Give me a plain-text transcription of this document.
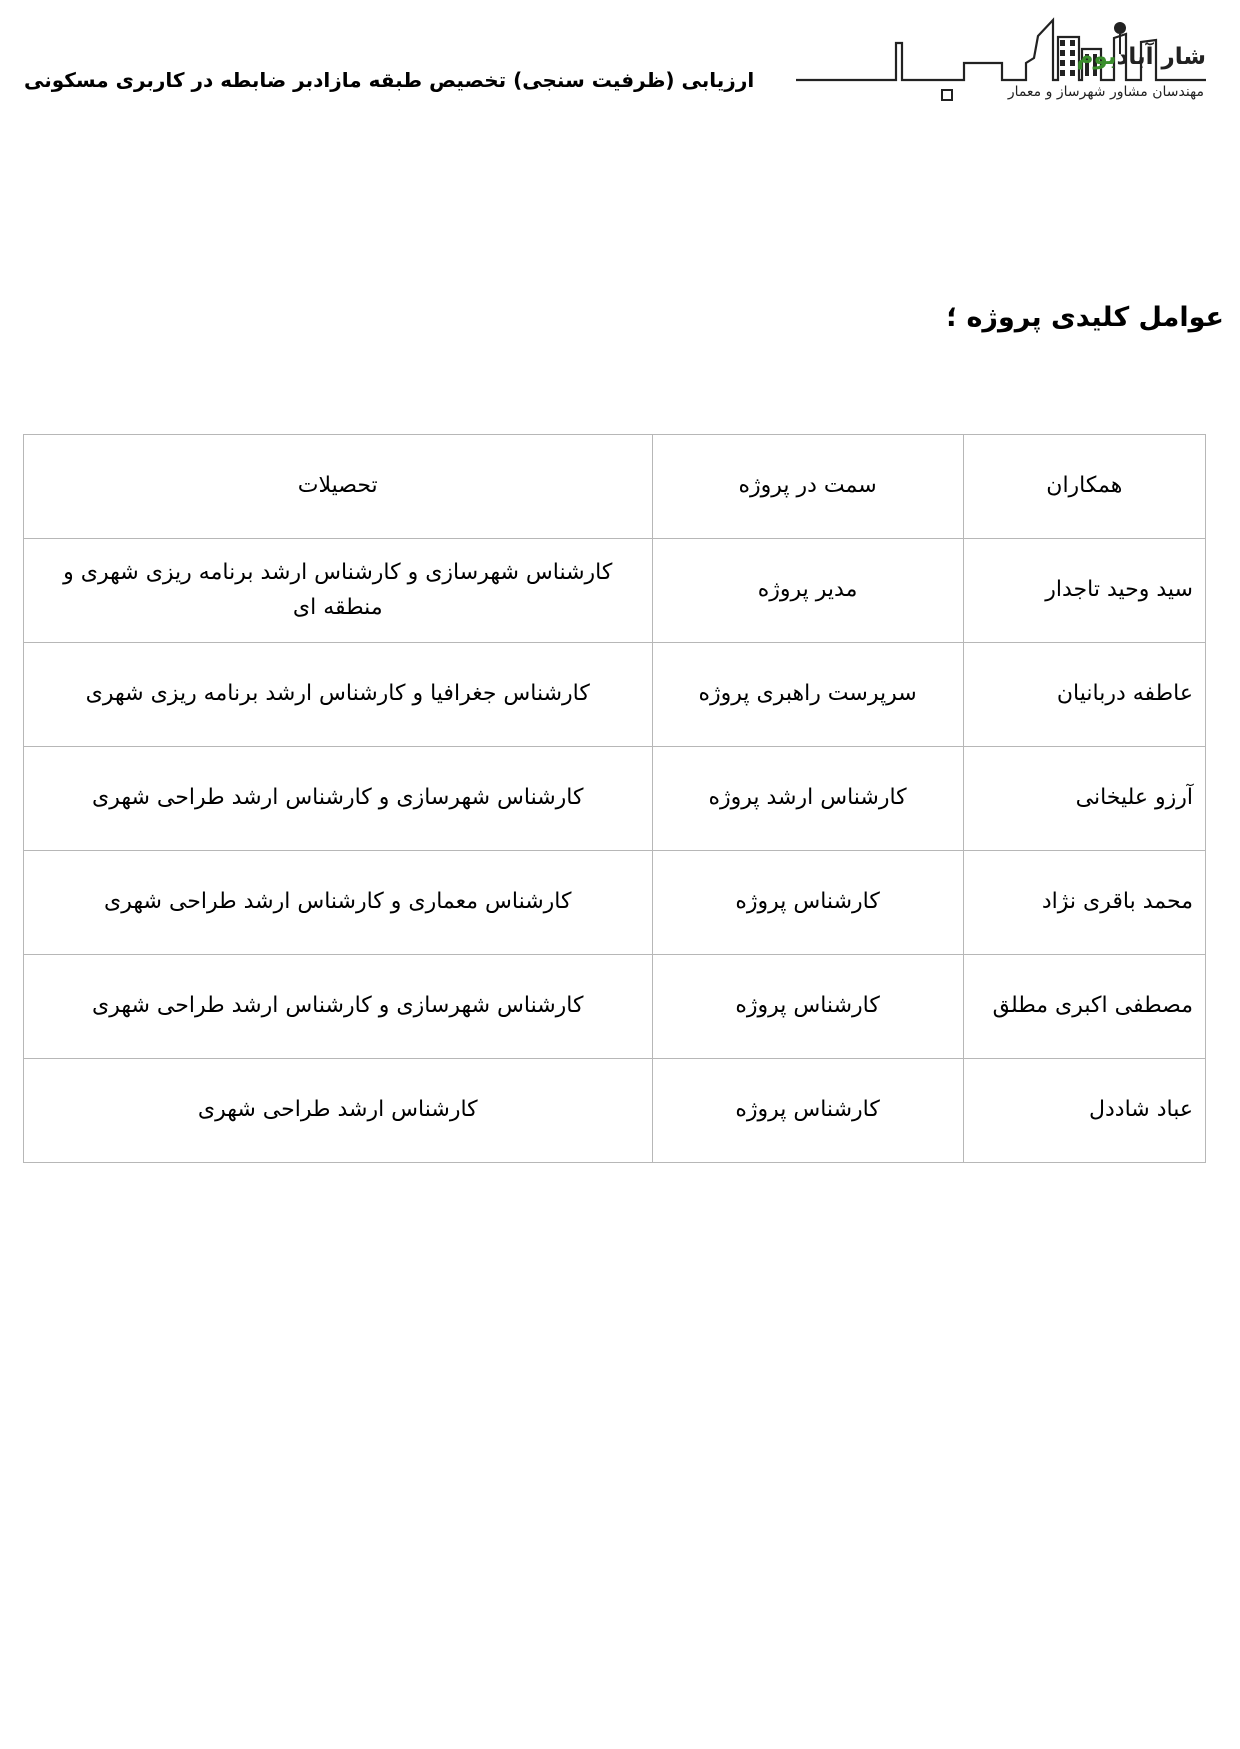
شار آبادبوم
مهندسان مشاور شهرساز و معمار
ارزیابی (ظرفیت سنجی) تخصیص طبقه مازادبر ضابطه در کاربری مسکونی
عوامل کلیدی پروژه ؛
همکاران	سمت در پروژه	تحصیلات
سید وحید تاجدار	مدیر پروژه	کارشناس شهرسازی و کارشناس ارشد برنامه ریزی شهری و منطقه ای
عاطفه دربانیان	سرپرست راهبری پروژه	کارشناس جغرافیا و کارشناس ارشد برنامه ریزی شهری
آرزو علیخانی	کارشناس ارشد پروژه	کارشناس شهرسازی و کارشناس ارشد طراحی شهری
محمد باقری نژاد	کارشناس پروژه	کارشناس معماری و کارشناس ارشد طراحی شهری
مصطفی اکبری مطلق	کارشناس پروژه	کارشناس شهرسازی و کارشناس ارشد طراحی شهری
عباد شاددل	کارشناس پروژه	کارشناس ارشد طراحی شهری
